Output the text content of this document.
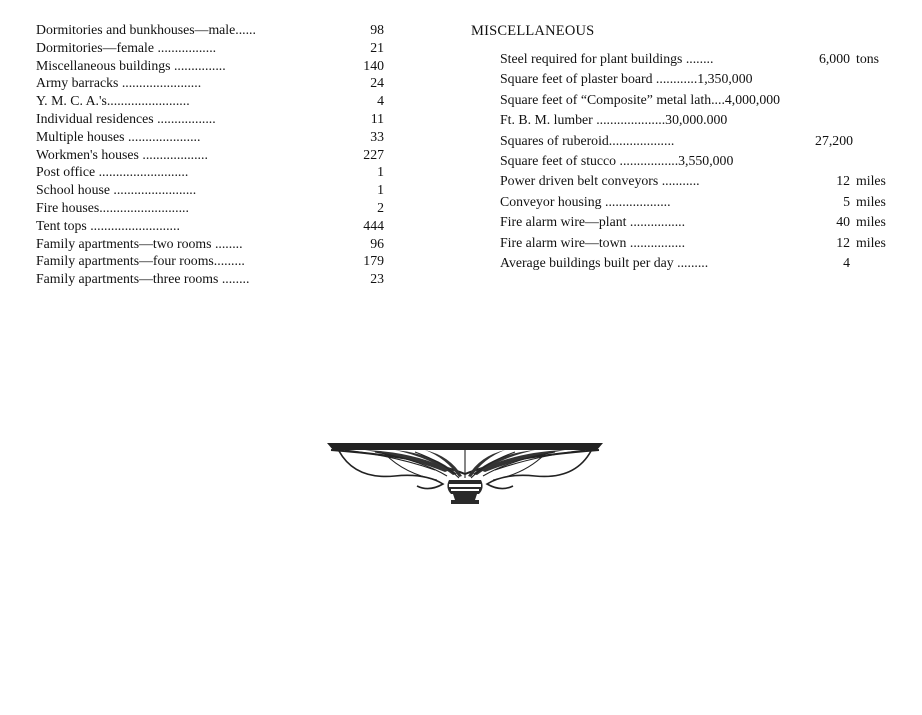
Dormitories and bunkhouses—male......	98
Dormitories—female .................	21
Miscellaneous buildings ...............	140
Army barracks .......................	24
Y. M. C. A.'s........................	4
Individual residences .................	11
Multiple houses .....................	33
Workmen's houses ...................	227
Post office ..........................	1
School house ........................	1
Fire houses..........................	2
Tent tops ..........................	444
Family apartments—two rooms ........	96
Family apartments—four rooms.........	179
Family apartments—three rooms ........	23
MISCELLANEOUS
Steel required for plant buildings ........	6,000 tons
Square feet of plaster board ............1,350,000
Square feet of “Composite” metal lath....4,000,000
Ft. B. M. lumber ....................30,000.000
Squares of ruberoid...................	27,200
Square feet of stucco .................3,550,000
Power driven belt conveyors ...........	12 miles
Conveyor housing ...................	5 miles
Fire alarm wire—plant ................	40 miles
Fire alarm wire—town ................	12 miles
Average buildings built per day .........	4
